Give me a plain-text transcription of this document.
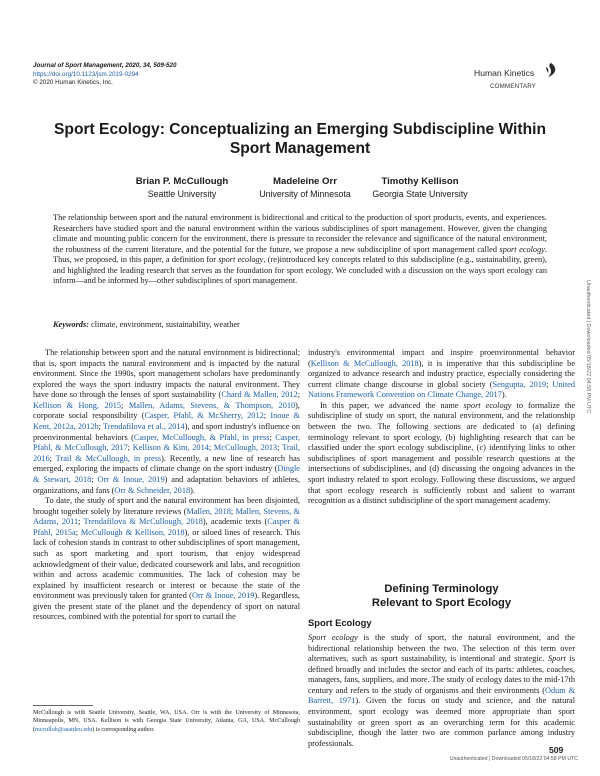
Journal of Sport Management, 2020, 34, 509-520
https://doi.org/10.1123/jsm.2019-0294
© 2020 Human Kinetics, Inc.
Human Kinetics
COMMENTARY
Sport Ecology: Conceptualizing an Emerging Subdiscipline Within Sport Management
Brian P. McCullough
Seattle University
Madeleine Orr
University of Minnesota
Timothy Kellison
Georgia State University
The relationship between sport and the natural environment is bidirectional and critical to the production of sport products, events, and experiences. Researchers have studied sport and the natural environment within the various subdisciplines of sport management. However, given the changing climate and mounting public concern for the environment, there is pressure to reconsider the relevance and significance of the natural environment, the robustness of the current literature, and the potential for the future, we propose a new subdiscipline of sport management called sport ecology. Thus, we proposed, in this paper, a definition for sport ecology, (re)introduced key concepts related to this subdiscipline (e.g., sustainability, green), and highlighted the leading research that serves as the foundation for sport ecology. We concluded with a discussion on the ways sport ecology can inform—and be informed by—other subdisciplines of sport management.
Keywords: climate, environment, sustainability, weather

The relationship between sport and the natural environment is bidirectional; that is, sport impacts the natural environment and is impacted by the natural environment. Since the 1990s, sport management scholars have predominantly explored the ways the sport industry impacts the natural environment. They have done so through the lenses of sport sustainability (Chard & Mallen, 2012; Kellison & Hong, 2015; Mallen, Adams, Stevens, & Thompson, 2010), corporate social responsibility (Casper, Pfahl, & McSherry, 2012; Inoue & Kent, 2012a, 2012b; Trendafilova et al., 2014), and sport industry's influence on proenvironmental behaviors (Casper, McCullough, & Pfahl, in press; Casper, Pfahl, & McCullough, 2017; Kellison & Kim, 2014; McCullough, 2013; Trail, 2016; Trail & McCullough, in press). Recently, a new line of research has emerged, exploring the impacts of climate change on the sport industry (Dingle & Stewart, 2018; Orr & Inoue, 2019) and adaptation behaviors of athletes, organizations, and fans (Orr & Schneider, 2018).

To date, the study of sport and the natural environment has been disjointed, brought together solely by literature reviews (Mallen, 2018; Mallen, Stevens, & Adams, 2011; Trendafilova & McCullough, 2018), academic texts (Casper & Pfahl, 2015a; McCullough & Kellison, 2018), or siloed lines of research. This lack of cohesion stands in contrast to other subdisciplines of sport management, such as sport marketing and sport tourism, that enjoy widespread acknowledgment of their value, dedicated coursework and labs, and recognition within and across academic communities. The lack of cohesion may be explained by insufficient research or interest or because the state of the environment was previously taken for granted (Orr & Inoue, 2019). Regardless, given the present state of the planet and the dependency of sport on natural resources, combined with the potential for sport to curtail the

industry's environmental impact and inspire proenvironmental behavior (Kellison & McCullough, 2018), it is imperative that this subdiscipline be organized to advance research and industry practice, especially considering the current climate change discourse in global society (Sengupta, 2019; United Nations Framework Convention on Climate Change, 2017).

In this paper, we advanced the name sport ecology to formalize the subdiscipline of study on sport, the natural environment, and the relationship between the two. The following sections are dedicated to (a) defining terminology relevant to sport ecology, (b) highlighting research that can be classified under the sport ecology subdiscipline, (c) identifying links to other subdisciplines of sport management and possible research questions at the intersections of subdisciplines, and (d) discussing the ongoing advances in the sport industry related to sport ecology. Following these discussions, we argued that sport ecology research is sufficiently robust and salient to warrant recognition as a distinct subdiscipline of the sport management academy.

Defining Terminology
Relevant to Sport Ecology
Sport Ecology

Sport ecology is the study of sport, the natural environment, and the bidirectional relationship between the two. The selection of this term over alternatives, such as sport sustainability, is intentional and strategic. Sport is defined broadly and includes the sector and each of its parts: athletes, coaches, managers, fans, suppliers, and more. The study of ecology dates to the mid-17th century and refers to the study of organisms and their environments (Odum & Barrett, 1971). Given the focus on study and science, and the natural environment, sport ecology was deemed more appropriate than sport sustainability or green sport as an overarching term for this academic subdiscipline, though the latter two are common parlance among industry professionals.

McCullough is with Seattle University, Seattle, WA, USA. Orr is with the University of Minnesota, Minneapolis, MN, USA. Kellison is with Georgia State University, Atlanta, GA, USA. McCullough (mcculloh@seattleu.edu) is corresponding author.
509
Unauthenticated | Downloaded 05/18/22 04:58 PM UTC
Unauthenticated | Downloaded 05/18/22 04:58 PM UTC
